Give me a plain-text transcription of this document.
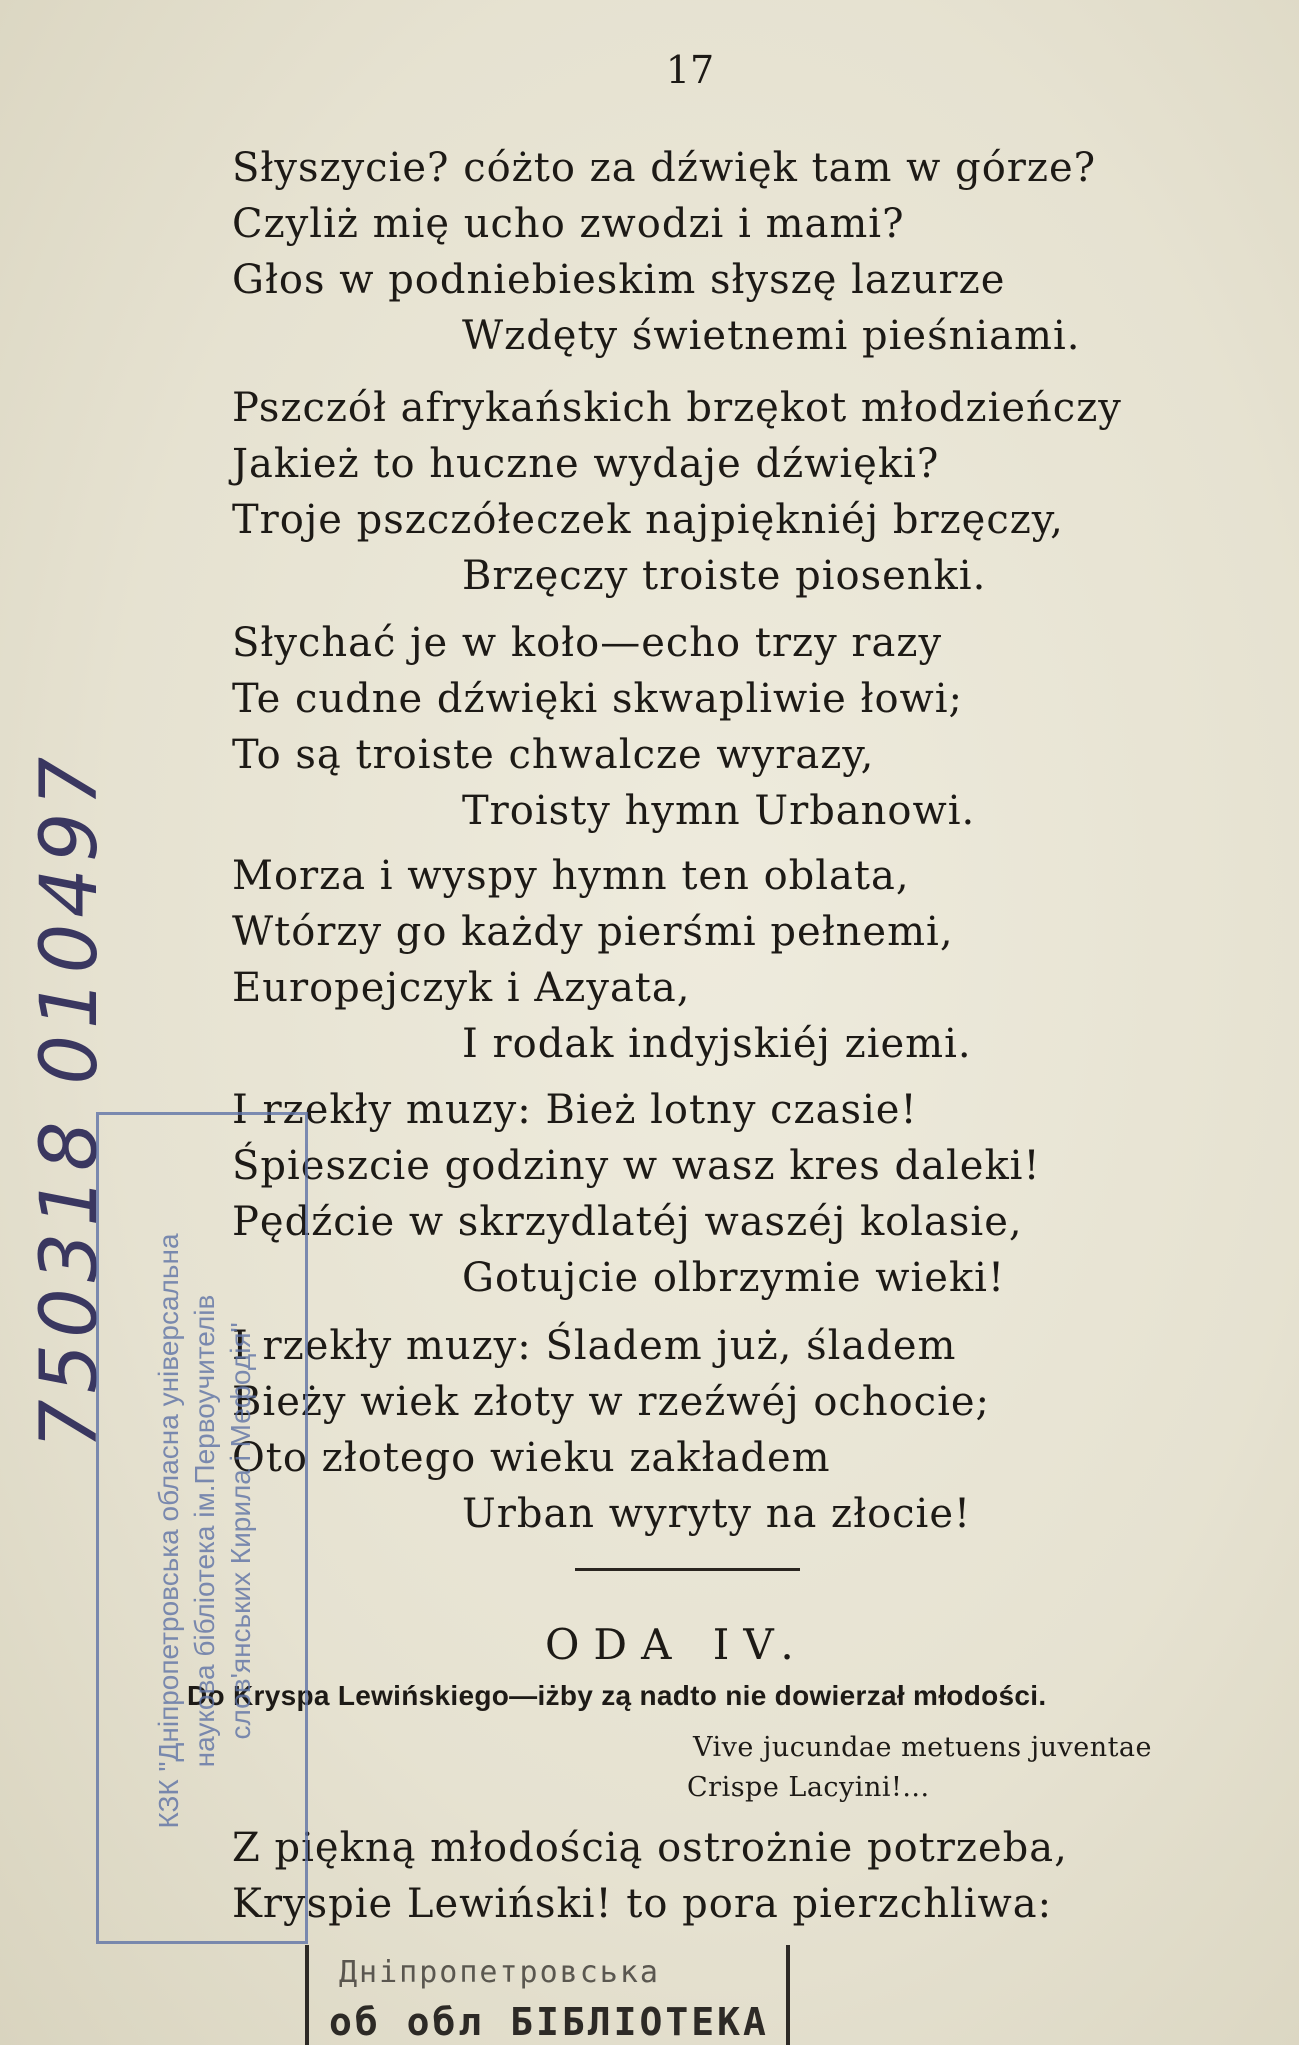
17
Słyszycie? cóżto za dźwięk tam w górze?
Czyliż mię ucho zwodzi i mami?
Głos w podniebieskim słyszę lazurze
Wzdęty świetnemi pieśniami.
Pszczół afrykańskich brzękot młodzieńczy
Jakież to huczne wydaje dźwięki?
Troje pszczółeczek najpiękniéj brzęczy,
Brzęczy troiste piosenki.
Słychać je w koło—echo trzy razy
Te cudne dźwięki skwapliwie łowi;
To są troiste chwalcze wyrazy,
Troisty hymn Urbanowi.
Morza i wyspy hymn ten oblata,
Wtórzy go każdy pierśmi pełnemi,
Europejczyk i Azyata,
I rodak indyjskiéj ziemi.
I rzekły muzy: Bież lotny czasie!
Śpieszcie godziny w wasz kres daleki!
Pędźcie w skrzydlatéj waszéj kolasie,
Gotujcie olbrzymie wieki!
I rzekły muzy: Śladem już, śladem
Bieży wiek złoty w rzeźwéj ochocie;
Oto złotego wieku zakładem
Urban wyryty na złocie!
ODA IV.
Do Kryspa Lewińskiego—iżby zą nadto nie dowierzał młodości.
Vive jucundae metuens juventae
Crispe Lacyini!...
Z piękną młodością ostrożnie potrzeba,
Kryspie Lewiński! to pora pierzchliwa:
750318 010497
КЗК "Дніпропетровська обласна універсальна наукова бібліотека ім.Первоучителів слов'янських Кирила і Мефодія"
Дніпропетровська
об обл БІБЛІОТЕКА
